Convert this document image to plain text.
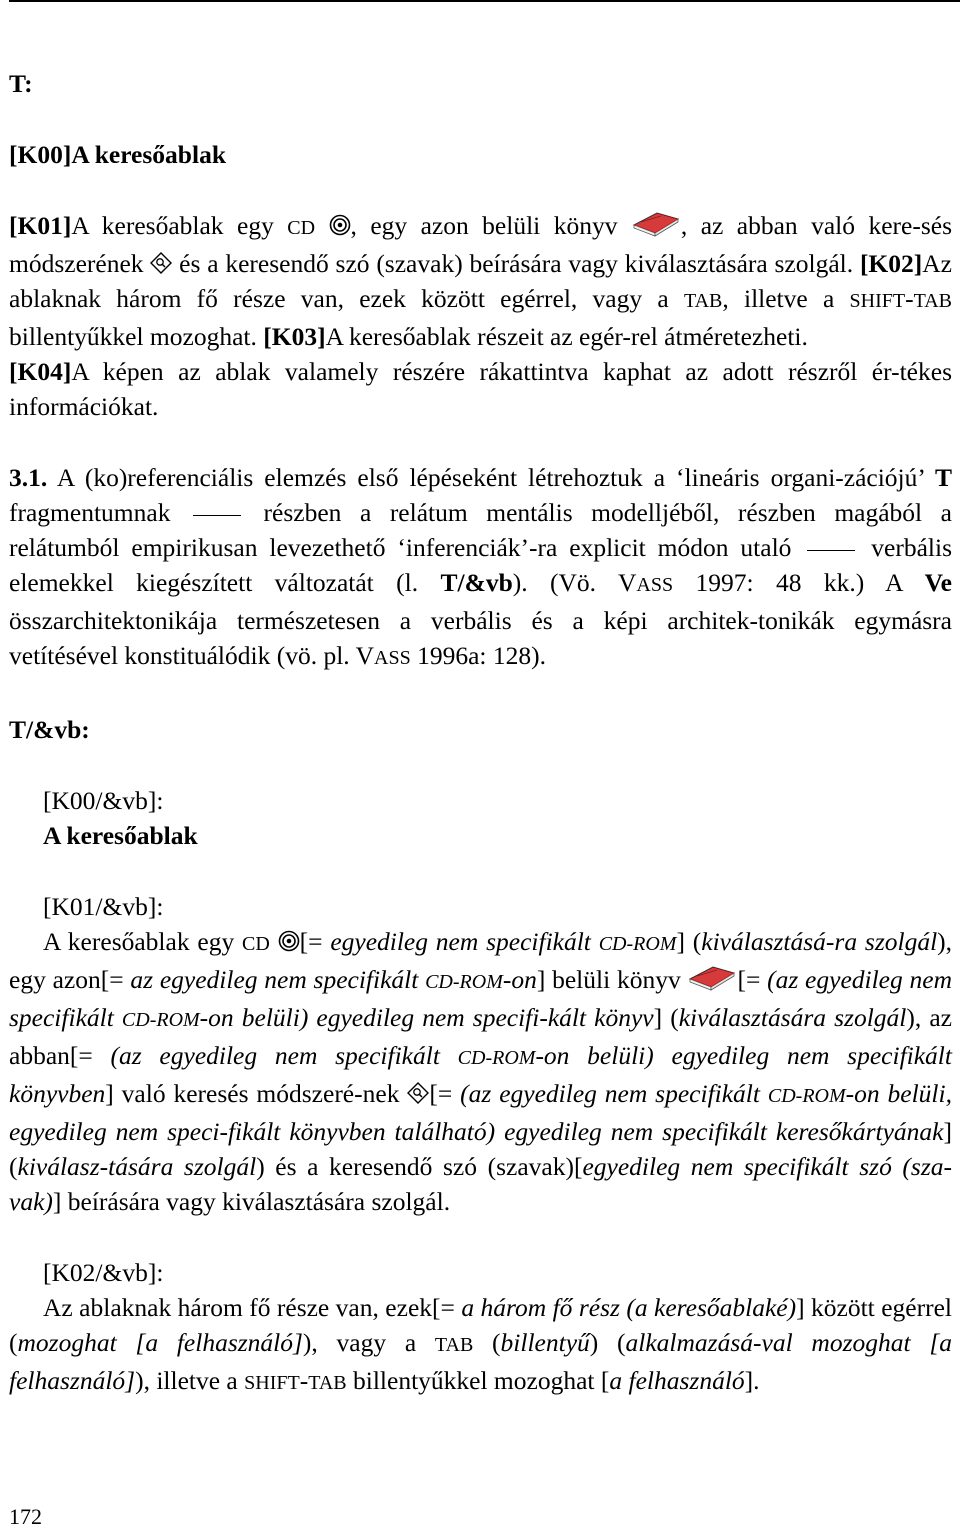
T:

[K00]A keresőablak

[K01]A keresőablak egy CD , egy azon belüli könyv , az abban való kere-sés módszerének  és a keresendő szó (szavak) beírására vagy kiválasztására szolgál. [K02]Az ablaknak három fő része van, ezek között egérrel, vagy a TAB, illetve a SHIFT-TAB billentyűkkel mozoghat. [K03]A keresőablak részeit az egér-rel átméretezheti.
[K04]A képen az ablak valamely részére rákattintva kaphat az adott részről ér-tékes információkat.

3.1. A (ko)referenciális elemzés első lépéseként létrehoztuk a ‘lineáris organi-zációjú’ T fragmentumnak  részben a relátum mentális modelljéből, részben magából a relátumból empirikusan levezethető ‘inferenciák’-ra explicit módon utaló  verbális elemekkel kiegészített változatát (l. T/&vb). (Vö. VASS 1997: 48 kk.) A Ve összarchitektonikája természetesen a verbális és a képi architek-tonikák egymásra vetítésével konstituálódik (vö. pl. VASS 1996a: 128).

T/&vb:

[K00/&vb]:

A keresőablak

[K01/&vb]:

A keresőablak egy CD [= egyedileg nem specifikált CD-ROM] (kiválasztásá-ra szolgál), egy azon[= az egyedileg nem specifikált CD-ROM-on] belüli könyv [= (az egyedileg nem specifikált CD-ROM-on belüli) egyedileg nem specifi-kált könyv] (kiválasztására szolgál), az abban[= (az egyedileg nem specifikált CD-ROM-on belüli) egyedileg nem specifikált könyvben] való keresés módszeré-nek [= (az egyedileg nem specifikált CD-ROM-on belüli, egyedileg nem speci-fikált könyvben található) egyedileg nem specifikált keresőkártyának] (kiválasz-tására szolgál) és a keresendő szó (szavak)[egyedileg nem specifikált szó (sza-vak)] beírására vagy kiválasztására szolgál.

[K02/&vb]:

Az ablaknak három fő része van, ezek[= a három fő rész (a keresőablaké)] között egérrel (mozoghat [a felhasználó]), vagy a TAB (billentyű) (alkalmazásá-val mozoghat [a felhasználó]), illetve a SHIFT-TAB billentyűkkel mozoghat [a felhasználó].

172
